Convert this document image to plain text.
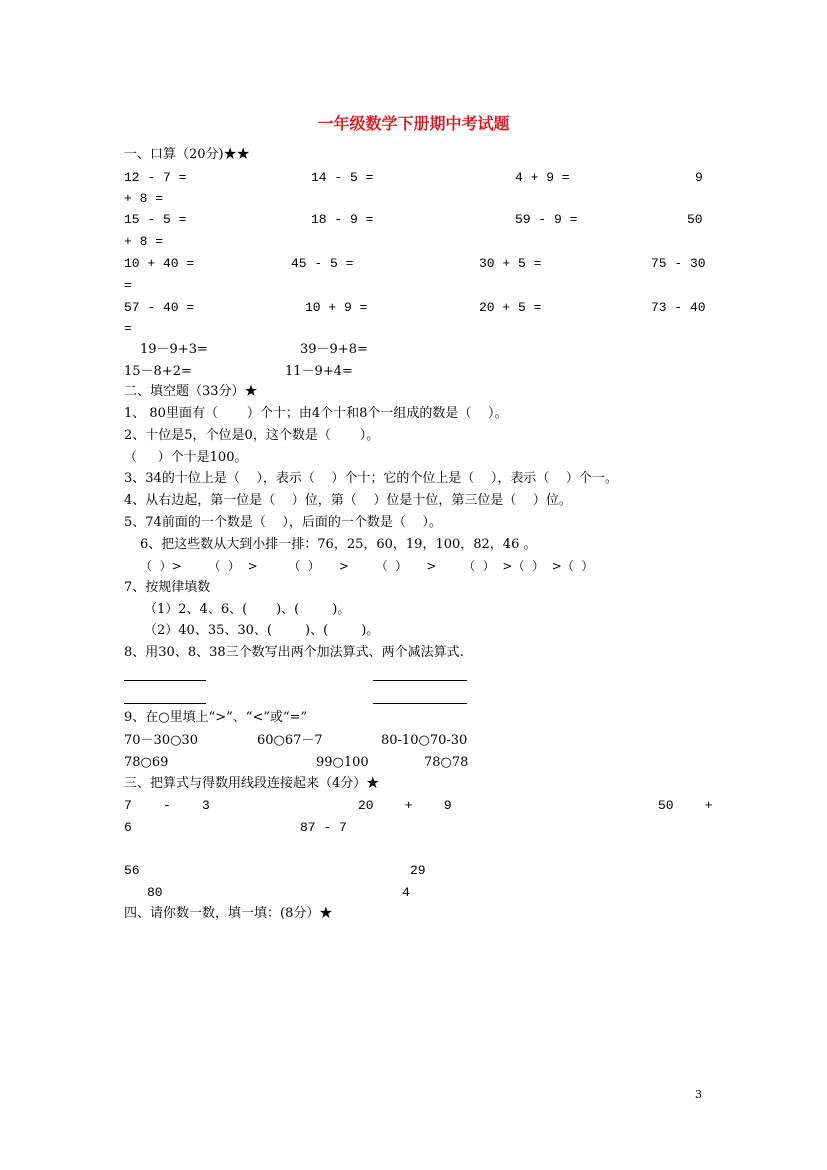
一年级数学下册期中考试题
一、口算（20分)★★
12 - 7 =	14 - 5 =	4 + 9 =	9
+ 8 =
15 - 5 =	18 - 9 =	59 - 9 =	50
+ 8 =
10 + 40 =	45 - 5 =	30 + 5 =	75 - 30
=
57 - 40 =	10 + 9 =	20 + 5 =	73 - 40
=
19－9+3=	39－9+8=
15－8+2=	11－9+4=
二、填空题（33分）★
1、 80里面有（       ）个十；由4个十和8个一组成的数是（    ）。
2、十位是5，个位是0，这个数是（       ）。
（     ）个十是100。
3、34的十位上是（    ），表示（    ）个十；它的个位上是（    ），表示（    ）个一。
4、从右边起，第一位是（    ）位，第（    ）位是十位，第三位是（    ）位。
5、74前面的一个数是（    ），后面的一个数是（    ）。
6、把这些数从大到小排一排：76，25，60，19，100，82，46 。
（  ）>       （  ）  >        （  ）     >       （  ）     >       （  ）  >（  ）  >（  ）
7、按规律填数
（1）2、4、6、(       )、(        )。
（2）40、35、30、(        )、(        )。
8、用30、8、38三个数写出两个加法算式、两个减法算式.
9、在○里填上“>”、“<”或“=”
70－30○30	60○67－7	80-10○70-30
78○69	99○100	78○78
三、把算式与得数用线段连接起来（4分）★
7    -    3	20    +    9	50    +
6	87 - 7
56	29
80	4
四、请你数一数，填一填：(8分）★
3
